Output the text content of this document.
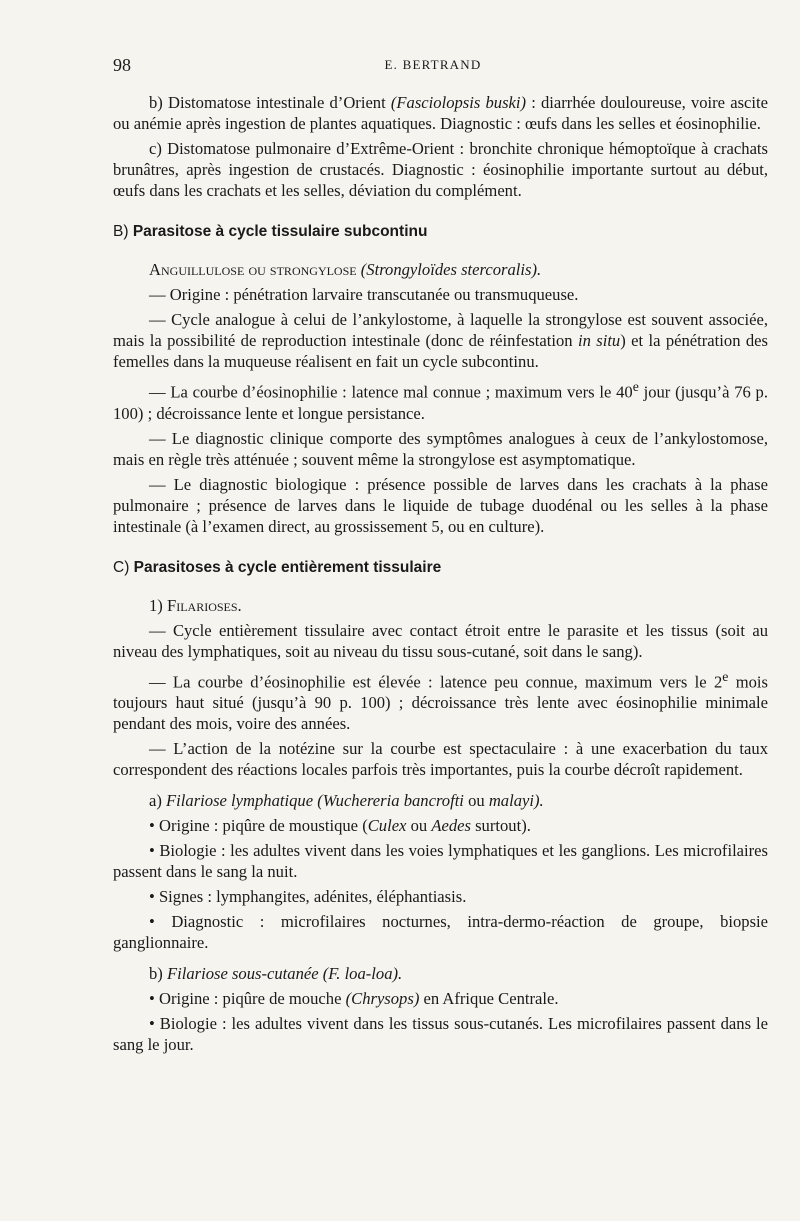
98	E. BERTRAND

b) Distomatose intestinale d’Orient (Fasciolopsis buski) : diarrhée douloureuse, voire ascite ou anémie après ingestion de plantes aquatiques. Diagnostic : œufs dans les selles et éosinophilie.

c) Distomatose pulmonaire d’Extrême-Orient : bronchite chronique hémoptoïque à crachats brunâtres, après ingestion de crustacés. Diagnostic : éosinophilie importante surtout au début, œufs dans les crachats et les selles, déviation du complément.

B) Parasitose à cycle tissulaire subcontinu

Anguillulose ou strongylose (Strongyloïdes stercoralis).

— Origine : pénétration larvaire transcutanée ou transmuqueuse.

— Cycle analogue à celui de l’ankylostome, à laquelle la strongylose est souvent associée, mais la possibilité de reproduction intestinale (donc de réinfestation in situ) et la pénétration des femelles dans la muqueuse réalisent en fait un cycle subcontinu.

— La courbe d’éosinophilie : latence mal connue ; maximum vers le 40e jour (jusqu’à 76 p. 100) ; décroissance lente et longue persistance.

— Le diagnostic clinique comporte des symptômes analogues à ceux de l’ankylostomose, mais en règle très atténuée ; souvent même la strongylose est asymptomatique.

— Le diagnostic biologique : présence possible de larves dans les crachats à la phase pulmonaire ; présence de larves dans le liquide de tubage duodénal ou les selles à la phase intestinale (à l’examen direct, au grossissement 5, ou en culture).

C) Parasitoses à cycle entièrement tissulaire

1) Filarioses.

— Cycle entièrement tissulaire avec contact étroit entre le parasite et les tissus (soit au niveau des lymphatiques, soit au niveau du tissu sous-cutané, soit dans le sang).

— La courbe d’éosinophilie est élevée : latence peu connue, maximum vers le 2e mois toujours haut situé (jusqu’à 90 p. 100) ; décroissance très lente avec éosinophilie minimale pendant des mois, voire des années.

— L’action de la notézine sur la courbe est spectaculaire : à une exacerbation du taux correspondent des réactions locales parfois très importantes, puis la courbe décroît rapidement.

a) Filariose lymphatique (Wuchereria bancrofti ou malayi).

• Origine : piqûre de moustique (Culex ou Aedes surtout).

• Biologie : les adultes vivent dans les voies lymphatiques et les ganglions. Les microfilaires passent dans le sang la nuit.

• Signes : lymphangites, adénites, éléphantiasis.

• Diagnostic : microfilaires nocturnes, intra-dermo-réaction de groupe, biopsie ganglionnaire.

b) Filariose sous-cutanée (F. loa-loa).

• Origine : piqûre de mouche (Chrysops) en Afrique Centrale.

• Biologie : les adultes vivent dans les tissus sous-cutanés. Les microfilaires passent dans le sang le jour.
